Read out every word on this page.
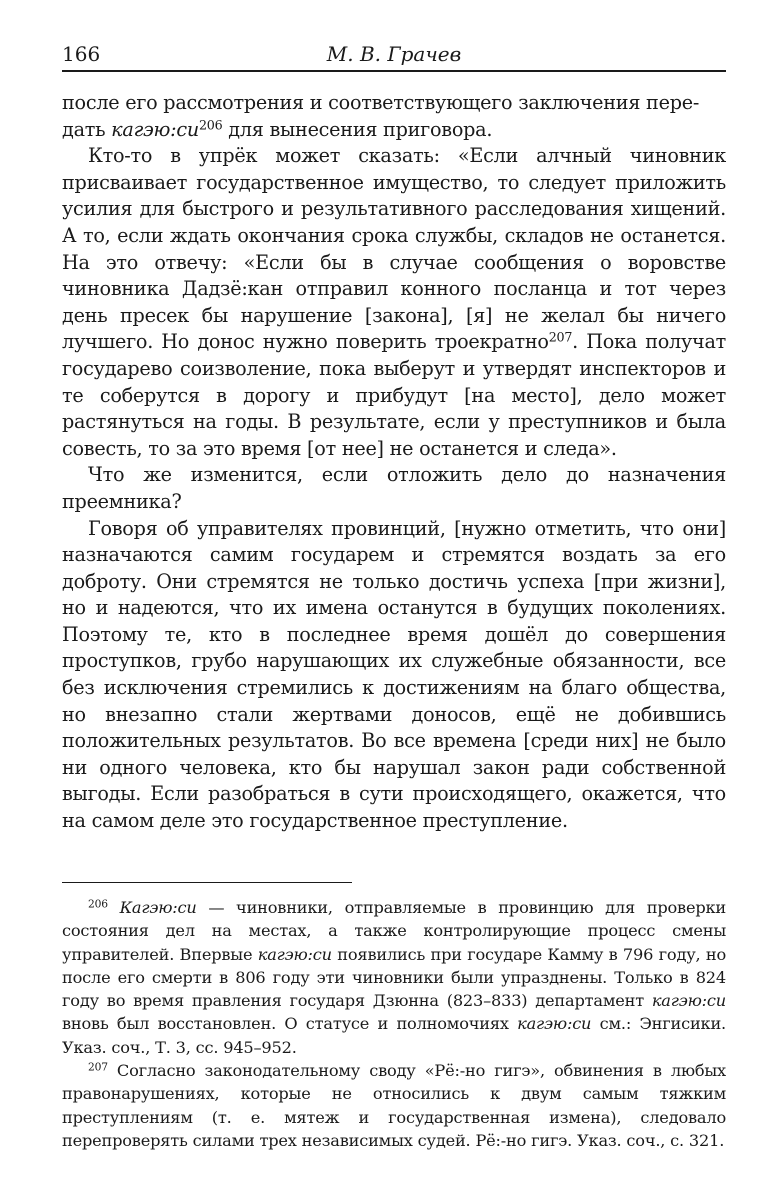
166	М. В. Грачев

после его рассмотрения и соответствующего заключения пере-
дать $кагэю:си^{206}$ для вынесения приговора.

Кто-то в упрёк может сказать: «Если алчный чиновник присваивает государственное имущество, то следует приложить усилия для быстрого и результативного расследования хищений. А то, если ждать окончания срока службы, складов не останется. На это отвечу: «Если бы в случае сообщения о воровстве чиновника Дадзё:кан отправил конного посланца и тот через день пресек бы нарушение [закона], [я] не желал бы ничего лучшего. Но донос нужно поверить троекратно$^{207}$. Пока получат государево соизволение, пока выберут и утвердят инспекторов и те соберутся в дорогу и прибудут [на место], дело может растянуться на годы. В результате, если у преступников и была совесть, то за это время [от нее] не останется и следа».

Что же изменится, если отложить дело до назначения преемника?

Говоря об управителях провинций, [нужно отметить, что они] назначаются самим государем и стремятся воздать за его доброту. Они стремятся не только достичь успеха [при жизни], но и надеются, что их имена останутся в будущих поколениях. Поэтому те, кто в последнее время дошёл до совершения проступков, грубо нарушающих их служебные обязанности, все без исключения стремились к достижениям на благо общества, но внезапно стали жертвами доносов, ещё не добившись положительных результатов. Во все времена [среди них] не было ни одного человека, кто бы нарушал закон ради собственной выгоды. Если разобраться в сути происходящего, окажется, что на самом деле это государственное преступление.

$^{206}$ Кагэю:си — чиновники, отправляемые в провинцию для проверки состояния дел на местах, а также контролирующие процесс смены управителей. Впервые кагэю:си появились при государе Камму в 796 году, но после его смерти в 806 году эти чиновники были упразднены. Только в 824 году во время правления государя Дзюнна (823–833) департамент кагэю:си вновь был восстановлен. О статусе и полномочиях кагэю:си см.: Энгисики. Указ. соч., Т. 3, сс. 945–952.

$^{207}$ Согласно законодательному своду «Рё:-но гигэ», обвинения в любых правонарушениях, которые не относились к двум самым тяжким преступлениям (т. е. мятеж и государственная измена), следовало перепроверять силами трех независимых судей. Рё:-но гигэ. Указ. соч., с. 321.
